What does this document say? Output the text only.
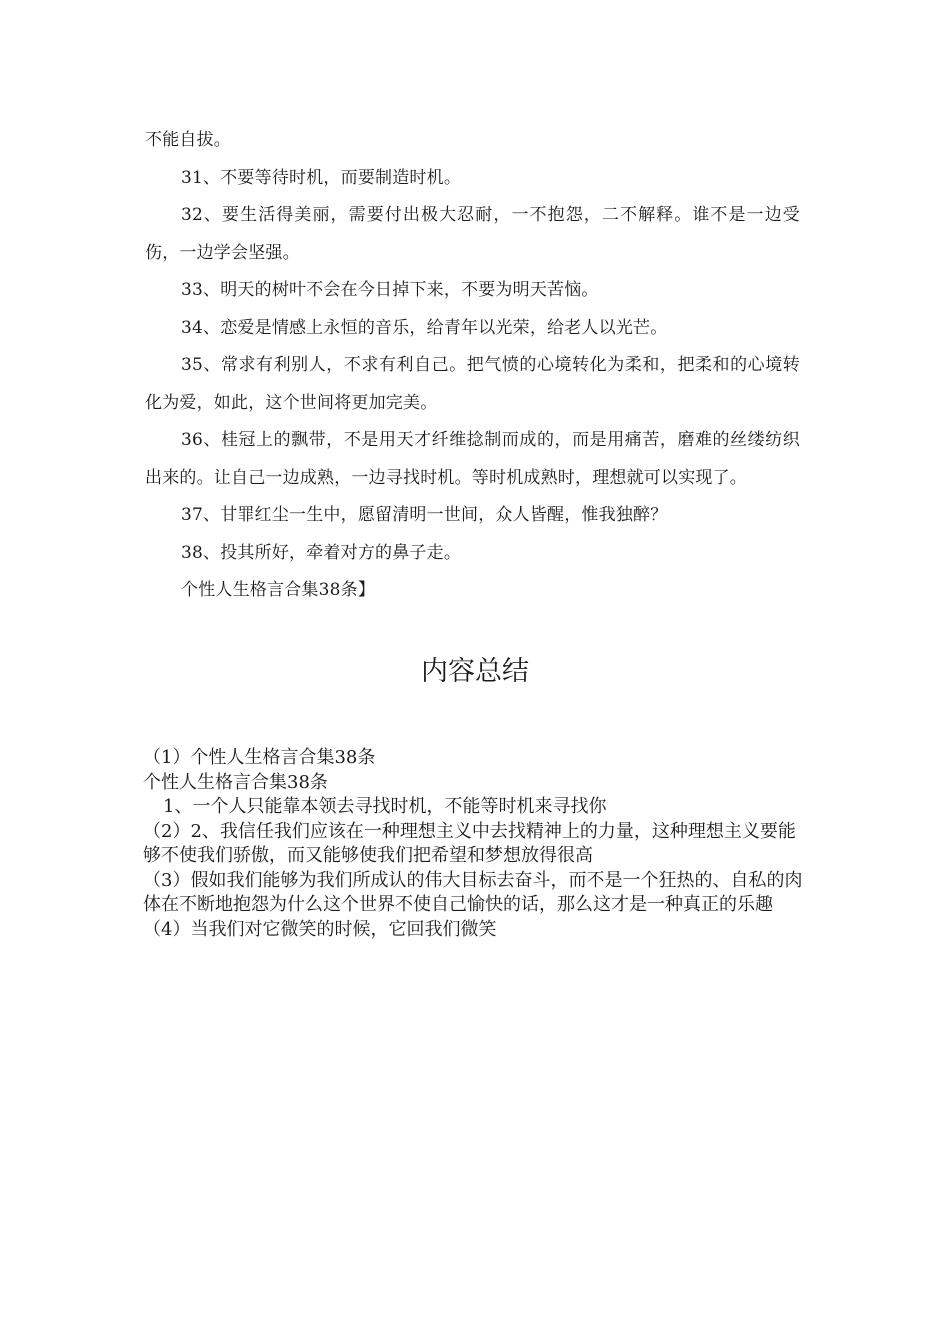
不能自拔。

31、不要等待时机，而要制造时机。

32、要生活得美丽，需要付出极大忍耐，一不抱怨，二不解释。谁不是一边受伤，一边学会坚强。

33、明天的树叶不会在今日掉下来，不要为明天苦恼。

34、恋爱是情感上永恒的音乐，给青年以光荣，给老人以光芒。

35、常求有利别人，不求有利自己。把气愤的心境转化为柔和，把柔和的心境转化为爱，如此，这个世间将更加完美。

36、桂冠上的飘带，不是用天才纤维捻制而成的，而是用痛苦，磨难的丝缕纺织出来的。让自己一边成熟，一边寻找时机。等时机成熟时，理想就可以实现了。

37、甘罪红尘一生中，愿留清明一世间，众人皆醒，惟我独醉？

38、投其所好，牵着对方的鼻子走。

个性人生格言合集38条】

内容总结

（1）个性人生格言合集38条

个性人生格言合集38条

1、一个人只能靠本领去寻找时机，不能等时机来寻找你

（2）2、我信任我们应该在一种理想主义中去找精神上的力量，这种理想主义要能够不使我们骄傲，而又能够使我们把希望和梦想放得很高

（3）假如我们能够为我们所成认的伟大目标去奋斗，而不是一个狂热的、自私的肉体在不断地抱怨为什么这个世界不使自己愉快的话，那么这才是一种真正的乐趣

（4）当我们对它微笑的时候，它回我们微笑
